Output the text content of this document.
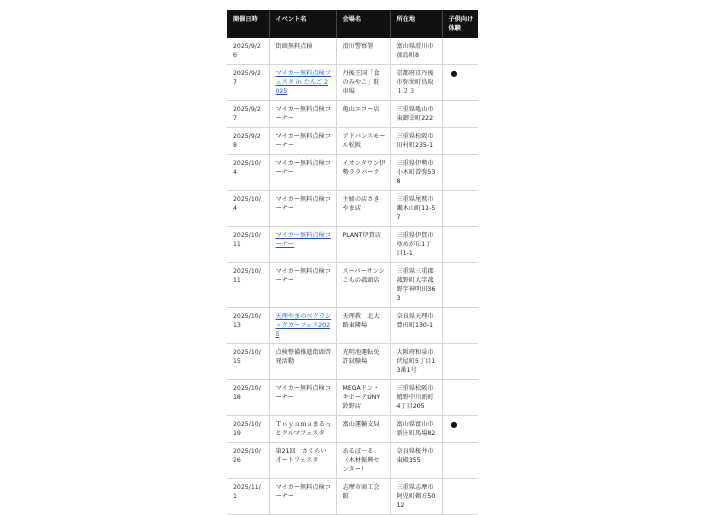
開催日時	イベント名	会場名	所在地	子供向け体験
2025/9/26	街頭無料点検	滑川警察署	富山県滑川市加島町8	
2025/9/27	マイカー無料点検フェスタ in たんご 2025	丹後王国「食のみやこ」駐車場	京都府京丹後市弥栄町鳥取１２３	●
2025/9/27	マイカー無料点検コーナー	亀山エコー店	三重県亀山市東御幸町222	
2025/9/28	マイカー無料点検コーナー	アドバンスモール松阪	三重県松阪市田村町235-1	
2025/10/4	マイカー無料点検コーナー	イオンタウン伊勢ララパーク	三重県伊勢市小木町曽弥538	
2025/10/4	マイカー無料点検コーナー	主婦の店さきやま店	三重県尾鷲市瀬木山町11-57	
2025/10/11	マイカー無料点検コーナー	PLANT伊賀店	三重県伊賀市ゆめが丘1丁目1-1	
2025/10/11	マイカー無料点検コーナー	スーパーサンシこもの菰頭店	三重県三重郡菰野町大字菰野字神明田363	
2025/10/13	天理やまのべクラシックカーフェス2025	天理教　北大路東隣場	奈良県天理市豊田町130-1	
2025/10/15	点検整備推進街頭啓発活動	光明池運転免許試験場	大阪府和泉市伏屋町5丁目13番1号	
2025/10/18	マイカー無料点検コーナー	MEGAドン・キホーテUNY鈴野店	三重県松阪市嬉野中川新町4丁目205	
2025/10/19	Ｔｏｙａｍａまるっとクルマフェスタ	富山運輸支局	富山県富山市新庄町馬場82	●
2025/10/26	第21回　さくらい才ートフェスタ	あるぼ～る（木材振興センター）	奈良県桜井市東殿355	
2025/11/1	マイカー無料点検コーナー	志摩市商工会館	三重県志摩市阿児町鵜方5012	
